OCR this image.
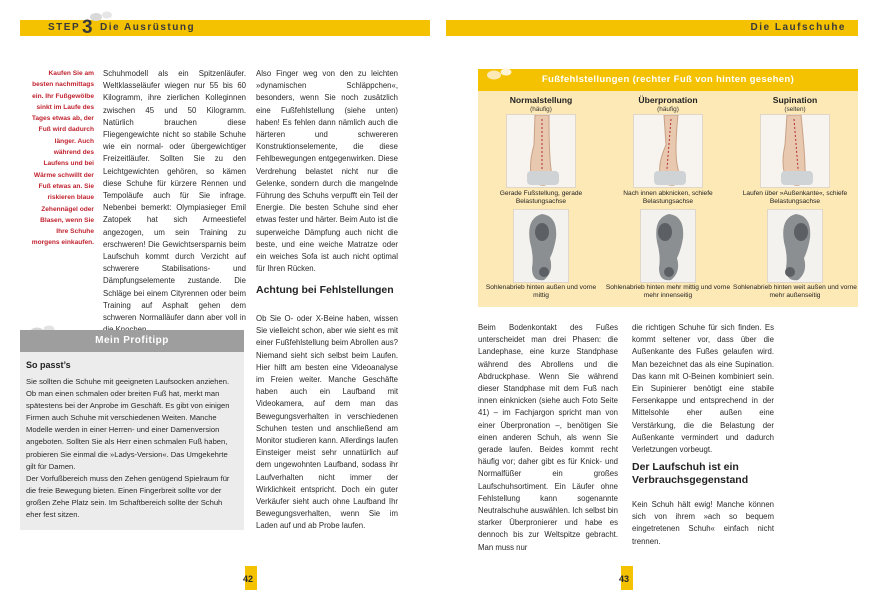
STEP 3 Die Ausrüstung	Die Laufschuhe
Kaufen Sie am besten nachmittags ein. Ihr Fußgewölbe sinkt im Laufe des Tages etwas ab, der Fuß wird dadurch länger. Auch während des Laufens und bei Wärme schwillt der Fuß etwas an. Sie riskieren blaue Zehennägel oder Blasen, wenn Sie Ihre Schuhe morgens einkaufen.
Schuhmodell als ein Spitzenläufer. Weltklasseläufer wiegen nur 55 bis 60 Kilogramm, ihre zierlichen Kolleginnen zwischen 45 und 50 Kilogramm. Natürlich brauchen diese Fliegengewichte nicht so stabile Schuhe wie ein normal- oder übergewichtiger Freizeitläufer. Sollten Sie zu den Leichtgewichten gehören, so kämen diese Schuhe für kürzere Rennen und Tempoläufe auch für Sie infrage. Nebenbei bemerkt: Olympiasieger Emil Zatopek hat sich Armeestiefel angezogen, um sein Training zu erschweren! Die Gewichtsersparnis beim Laufschuh kommt durch Verzicht auf schwerere Stabilisations- und Dämpfungselemente zustande. Die Schläge bei einem Cityrennen oder beim Training auf Asphalt gehen dem schweren Normalläufer dann aber voll in
Also Finger weg von den zu leichten »dynamischen Schläppchen«, besonders, wenn Sie noch zusätzlich eine Fußfehlstellung (siehe unten) haben! Es fehlen dann nämlich auch die härteren und schwereren Konstruktionselemente, die diese Fehlbewegungen entgegenwirken. Diese Verdrehung belastet nicht nur die Gelenke, sondern durch die mangelnde Führung des Schuhs verpufft ein Teil der Energie. Die besten Schuhe sind eher etwas fester und härter. Beim Auto ist die superweiche Dämpfung auch nicht die beste, und eine weiche Matratze oder ein weiches Sofa ist auch nicht optimal für Ihren Rücken.
Achtung bei Fehlstellungen
Ob Sie O- oder X-Beine haben, wissen Sie vielleicht schon, aber wie sieht es mit einer Fußfehlstellung beim Abrollen aus? Niemand sieht sich selbst beim Laufen. Hier hilft am besten eine Videoanalyse im Freien weiter. Manche Geschäfte haben auch ein Laufband mit Videokamera, auf dem man das Bewegungsverhalten in verschiedenen Schuhen testen und anschließend am Monitor studieren kann. Allerdings laufen Einsteiger meist sehr unnatürlich auf dem ungewohnten Laufband, sodass ihr Laufverhalten nicht immer der Wirklichkeit entspricht. Doch ein guter Verkäufer sieht auch ohne Laufband Ihr Bewegungsverhalten, wenn Sie im Laden auf und ab Probe laufen.
Mein Profitipp
So passt’s

Sie sollten die Schuhe mit geeigneten Laufsocken anziehen. Ob man einen schmalen oder breiten Fuß hat, merkt man spätestens bei der Anprobe im Geschäft. Es gibt von einigen Firmen auch Schuhe mit verschiedenen Weiten. Manche Modelle werden in einer Herren- und einer Damenversion angeboten. Sollten Sie als Herr einen schmalen Fuß haben, probieren Sie einmal die »Ladys-Version«. Das Umgekehrte gilt für Damen.

Der Vorfußbereich muss den Zehen genügend Spielraum für die freie Bewegung bieten. Einen Fingerbreit sollte vor der großen Zehe Platz sein. Im Schaftbereich sollte der Schuh eher fest sitzen.

Fußfehlstellungen (rechter Fuß von hinten gesehen)
Normalstellung
(häufig)
Gerade Fußstellung, gerade Belastungsachse
Sohlenabrieb hinten außen und vorne mittig
Überpronation
(häufig)
Nach innen abknicken, schiefe Belastungsachse
Sohlenabrieb hinten mehr mittig und vorne mehr innenseitig
Supination
(selten)
Laufen über »Außenkante«, schiefe Belastungsachse
Sohlenabrieb hinten weit außen und vorne mehr außenseitig
Beim Bodenkontakt des Fußes unterscheidet man drei Phasen: die Landephase, eine kurze Standphase während des Abrollens und die Abdruckphase. Wenn Sie während dieser Standphase mit dem Fuß nach innen einknicken (siehe auch Foto Seite 41) – im Fachjargon spricht man von einer Überpronation –, benötigen Sie einen anderen Schuh, als wenn Sie gerade laufen. Beides kommt recht häufig vor; daher gibt es für Knick- und Normalfüßer ein großes Laufschuhsortiment. Ein Läufer ohne Fehlstellung kann sogenannte Neutralschuhe auswählen. Ich selbst bin starker Überpronierer und habe es dennoch bis zur Weltspitze gebracht. Man muss nur
die richtigen Schuhe für sich finden. Es kommt seltener vor, dass über die Außenkante des Fußes gelaufen wird. Man bezeichnet das als eine Supination. Das kann mit O-Beinen kombiniert sein. Ein Supinierer benötigt eine stabile Fersenkappe und entsprechend in der Mittelsohle eher außen eine Verstärkung, die die Belastung der Außenkante vermindert und dadurch Verletzungen vorbeugt.
Der Laufschuh ist ein Verbrauchsgegenstand
Kein Schuh hält ewig! Manche können sich von ihrem »ach so bequem eingetretenen Schuh« einfach nicht trennen.
42	43
